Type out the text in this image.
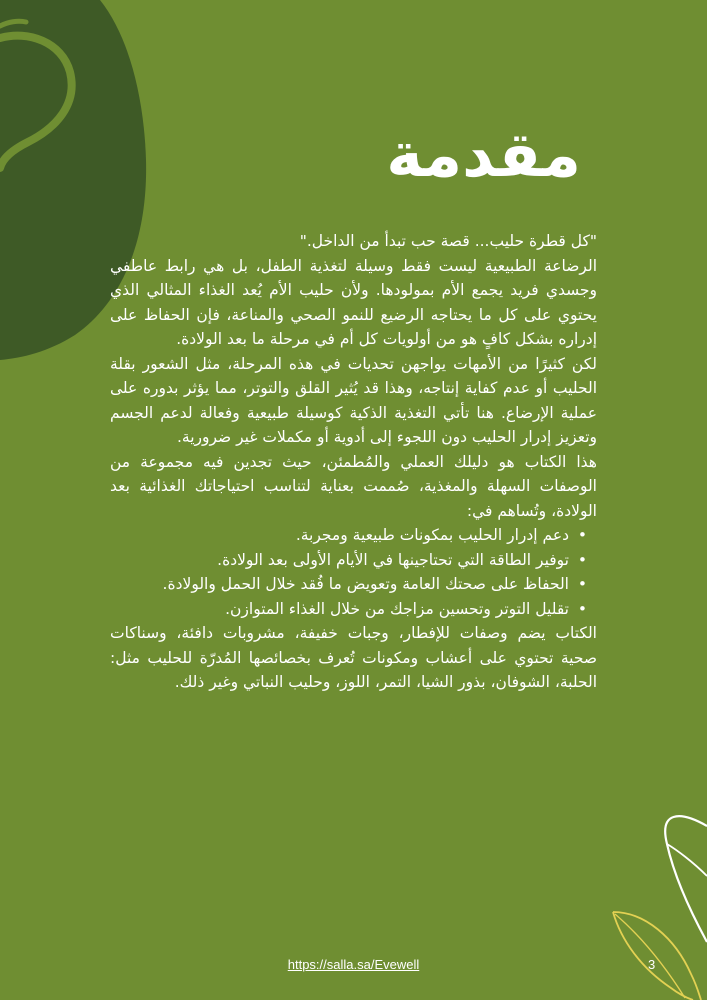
مقدمة

"كل قطرة حليب... قصة حب تبدأ من الداخل."

الرضاعة الطبيعية ليست فقط وسيلة لتغذية الطفل، بل هي رابط عاطفي وجسدي فريد يجمع الأم بمولودها. ولأن حليب الأم يُعد الغذاء المثالي الذي يحتوي على كل ما يحتاجه الرضيع للنمو الصحي والمناعة، فإن الحفاظ على إدراره بشكل كافٍ هو من أولويات كل أم في مرحلة ما بعد الولادة.

لكن كثيرًا من الأمهات يواجهن تحديات في هذه المرحلة، مثل الشعور بقلة الحليب أو عدم كفاية إنتاجه، وهذا قد يُثير القلق والتوتر، مما يؤثر بدوره على عملية الإرضاع. هنا تأتي التغذية الذكية كوسيلة طبيعية وفعالة لدعم الجسم وتعزيز إدرار الحليب دون اللجوء إلى أدوية أو مكملات غير ضرورية.

هذا الكتاب هو دليلك العملي والمُطمئن، حيث تجدين فيه مجموعة من الوصفات السهلة والمغذية، صُممت بعناية لتناسب احتياجاتك الغذائية بعد الولادة، وتُساهم في:

• دعم إدرار الحليب بمكونات طبيعية ومجربة.
• توفير الطاقة التي تحتاجينها في الأيام الأولى بعد الولادة.
• الحفاظ على صحتك العامة وتعويض ما فُقد خلال الحمل والولادة.
• تقليل التوتر وتحسين مزاجك من خلال الغذاء المتوازن.

الكتاب يضم وصفات للإفطار، وجبات خفيفة، مشروبات دافئة، وسناكات صحية تحتوي على أعشاب ومكونات تُعرف بخصائصها المُدرّة للحليب مثل: الحلبة، الشوفان، بذور الشيا، التمر، اللوز، وحليب النباتي وغير ذلك.

https://salla.sa/Evewell	3
